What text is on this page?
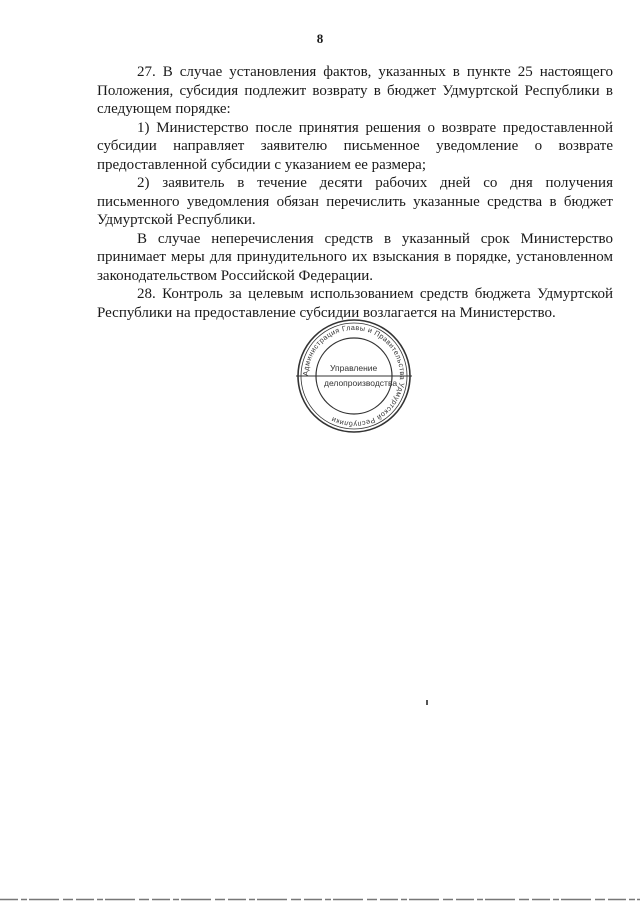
8

27. В случае установления фактов, указанных в пункте 25 настоящего Положения, субсидия подлежит возврату в бюджет Удмуртской Республики в следующем порядке:

1) Министерство после принятия решения о возврате предоставленной субсидии направляет заявителю письменное уведомление о возврате предоставленной субсидии с указанием ее размера;

2) заявитель в течение десяти рабочих дней со дня получения письменного уведомления обязан перечислить указанные средства в бюджет Удмуртской Республики.

В случае неперечисления средств в указанный срок Министерство принимает меры для принудительного их взыскания в порядке, установленном законодательством Российской Федерации.

28. Контроль за целевым использованием средств бюджета Удмуртской Республики на предоставление субсидии возлагается на Министерство.

Администрация Главы и Правительства Удмуртской Республики
Управление
делопроизводства
